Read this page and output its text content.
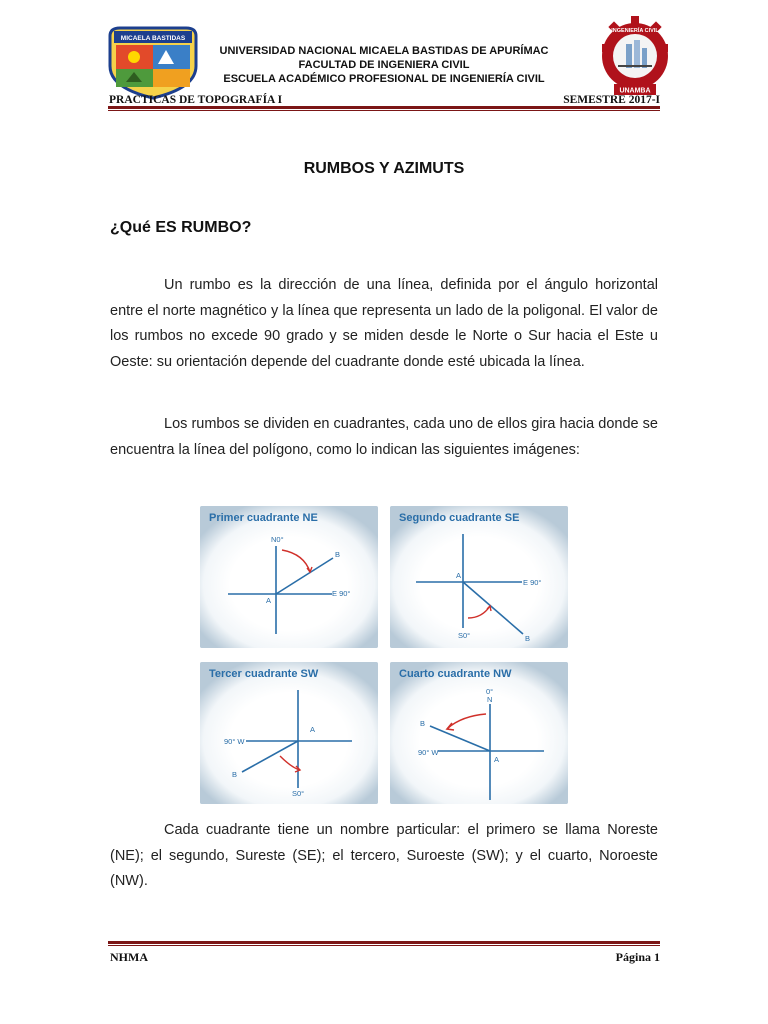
MICAELA BASTIDAS
UNIVERSIDAD NACIONAL MICAELA BASTIDAS DE APURÍMAC
FACULTAD DE INGENIERA CIVIL
ESCUELA ACADÉMICO PROFESIONAL DE INGENIERÍA CIVIL
INGENIERÍA CIVIL
UNAMBA
PRACTICAS DE TOPOGRAFÍA I	SEMESTRE 2017-I
RUMBOS Y AZIMUTS
¿Qué ES RUMBO?
Un rumbo es la dirección de una línea, definida por el ángulo horizontal entre el norte magnético y la línea que representa un lado de la poligonal. El valor de los rumbos no excede 90 grado y se miden desde le Norte o Sur hacia el Este u Oeste: su orientación depende del cuadrante donde esté ubicada la línea.
Los rumbos se dividen en cuadrantes, cada uno de ellos gira hacia donde se encuentra la línea del polígono, como lo indican las siguientes imágenes:
N0°
B
E 90°
A
Primer cuadrante NE
A
E 90°
S0°	B
Segundo cuadrante SE
A
90° W
B
S0°
Tercer cuadrante SW
0°
N
B
90° W
A
Cuarto cuadrante NW
Cada cuadrante tiene un nombre particular: el primero se llama Noreste (NE); el segundo, Sureste (SE); el tercero, Suroeste (SW); y el cuarto, Noroeste (NW).
NHMA	Página 1
